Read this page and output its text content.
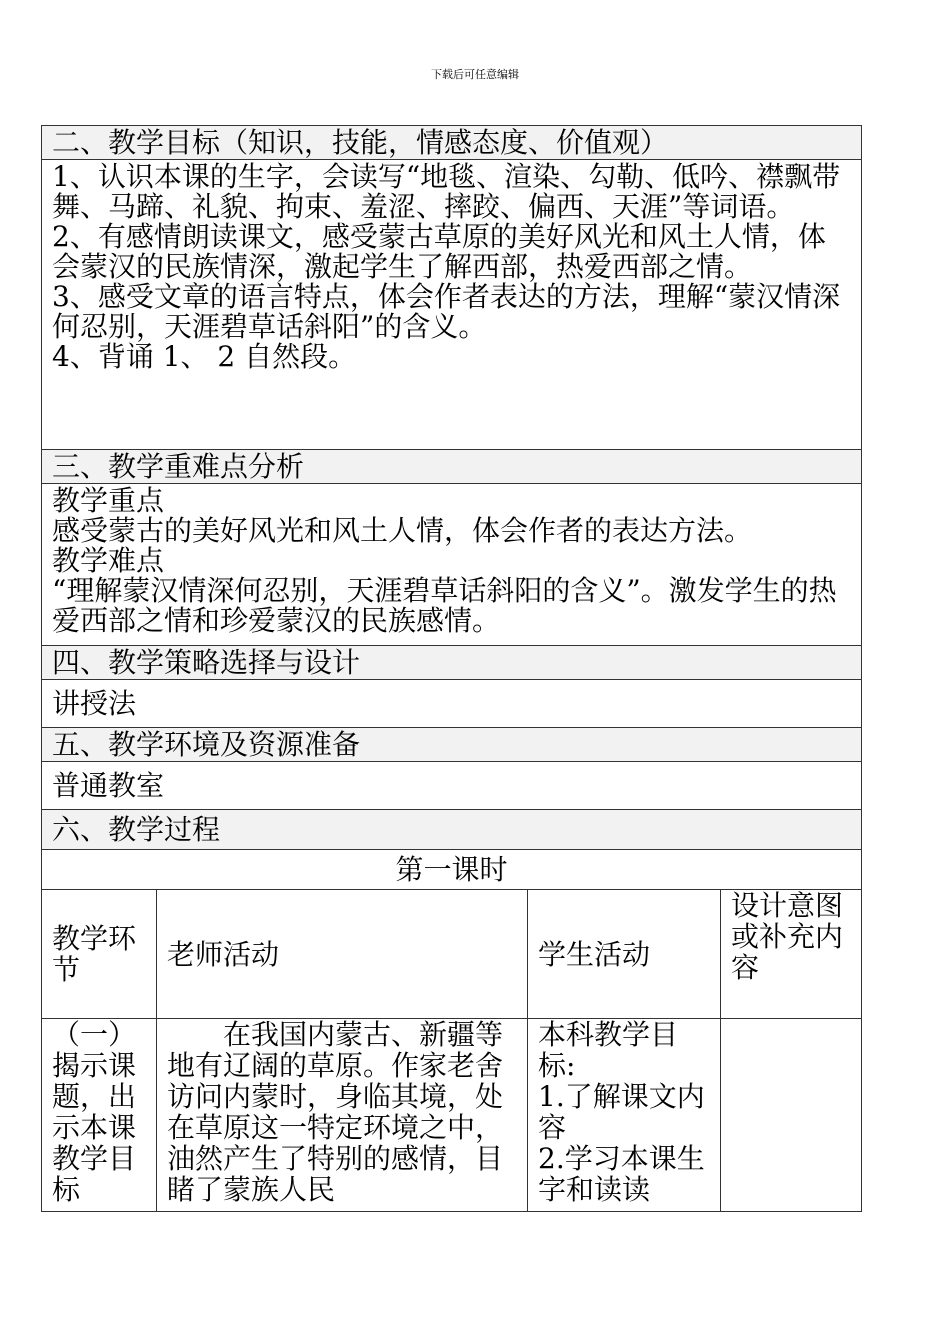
下载后可任意编辑
二、教学目标（知识，技能，情感态度、价值观）
1、认识本课的生字，会读写“地毯、渲染、勾勒、低吟、襟飘带舞、马蹄、礼貌、拘束、羞涩、摔跤、偏西、天涯”等词语。
2、有感情朗读课文，感受蒙古草原的美好风光和风土人情，体会蒙汉的民族情深，激起学生了解西部，热爱西部之情。
3、感受文章的语言特点，体会作者表达的方法，理解“蒙汉情深何忍别，天涯碧草话斜阳”的含义。
4、背诵 1、 2 自然段。
三、教学重难点分析
教学重点
感受蒙古的美好风光和风土人情，体会作者的表达方法。
教学难点
“理解蒙汉情深何忍别，天涯碧草话斜阳的含义”。激发学生的热爱西部之情和珍爱蒙汉的民族感情。
四、教学策略选择与设计
讲授法
五、教学环境及资源准备
普通教室
六、教学过程
第一课时
教学环节	老师活动	学生活动
设计意图
或补充内容
（一）揭示课题，出示本课教学目标
在我国内蒙古、新疆等地有辽阔的草原。作家老舍访问内蒙时，身临其境，处在草原这一特定环境之中，油然产生了特别的感情，目睹了蒙族人民
本科教学目标:
1.了解课文内容
2.学习本课生字和读读
